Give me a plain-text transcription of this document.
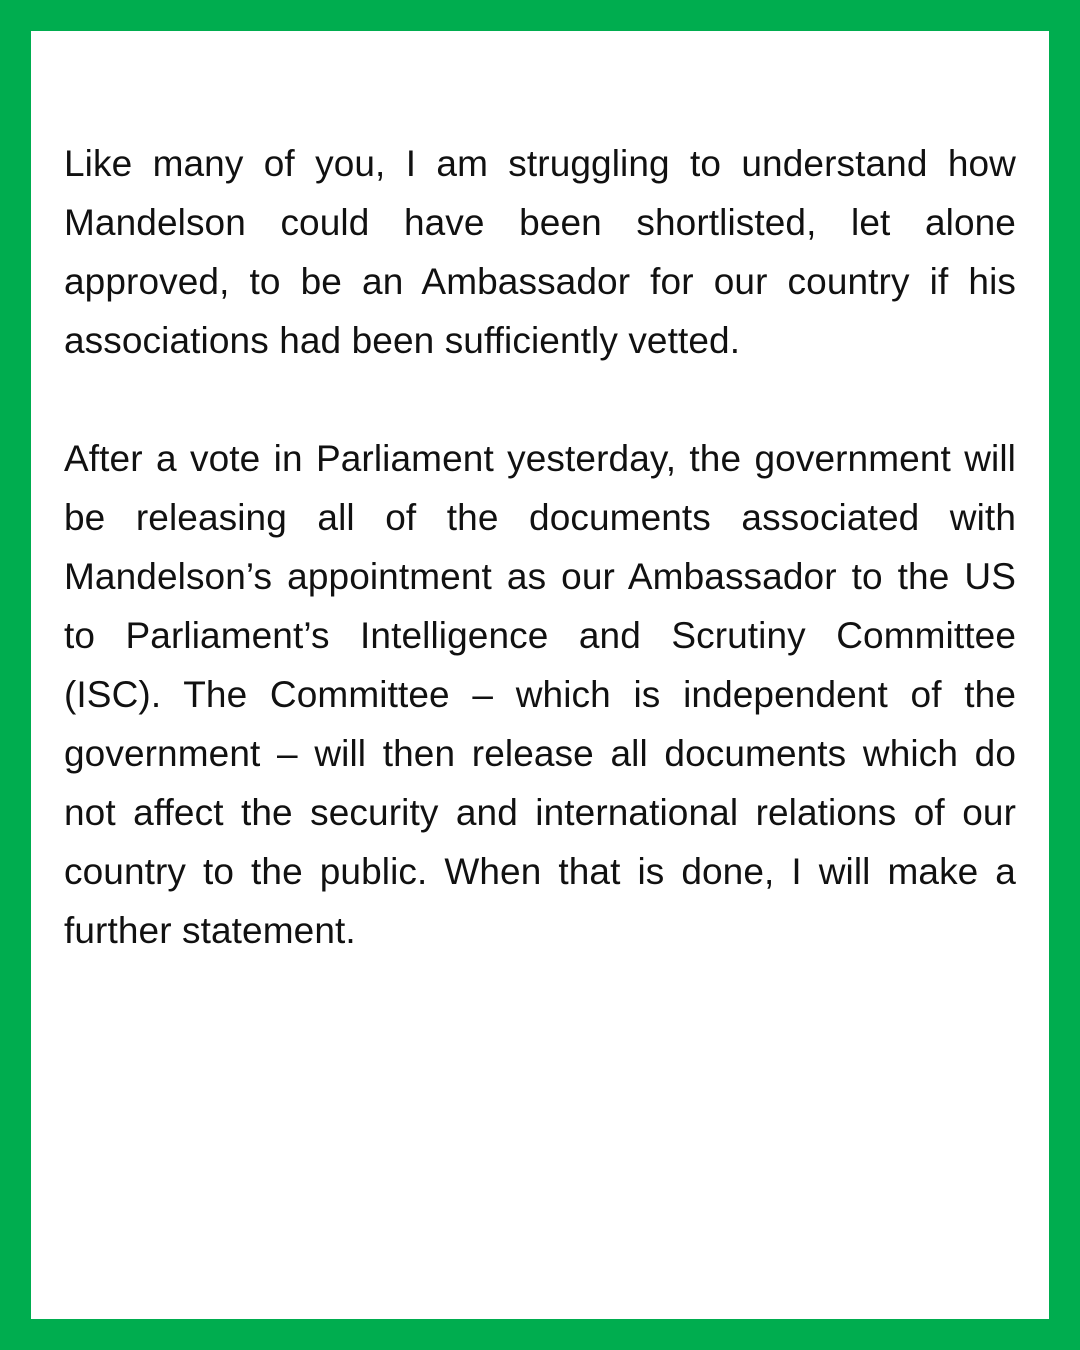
Like many of you, I am struggling to understand how Mandelson could have been shortlisted, let alone approved, to be an Ambassador for our country if his associations had been sufficiently vetted.

After a vote in Parliament yesterday, the government will be releasing all of the documents associated with Mandelson’s appointment as our Ambassador to the US to Parliament’s Intelligence and Scrutiny Committee (ISC). The Committee – which is independent of the government – will then release all documents which do not affect the security and international relations of our country to the public. When that is done, I will make a further statement.
